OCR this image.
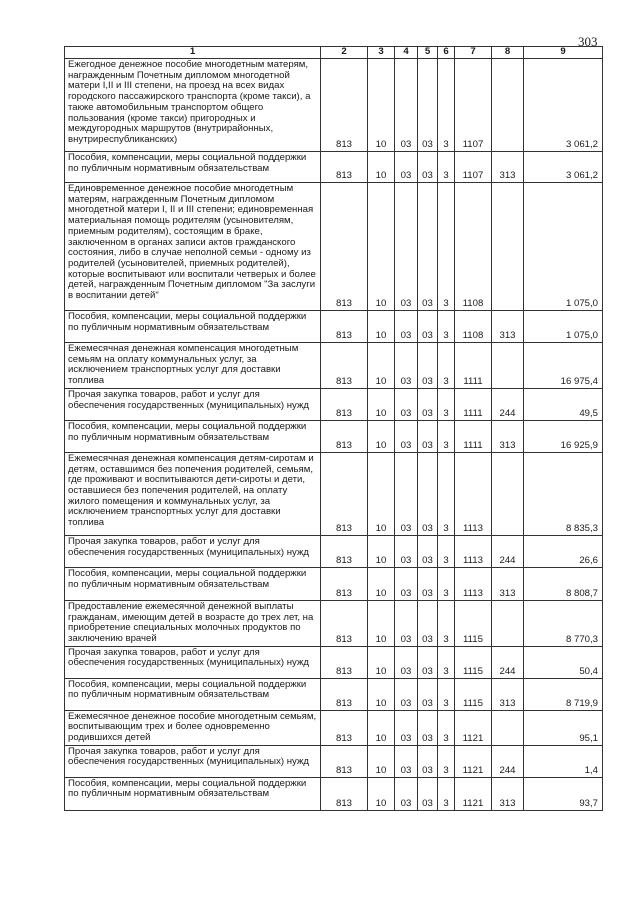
303
1	2	3	4	5	6	7	8	9
Ежегодное денежное пособие многодетным матерям, награжденным Почетным дипломом многодетной матери I,II и III степени, на проезд на всех видах городского пассажирского транспорта (кроме такси), а также автомобильным транспортом общего пользования (кроме такси) пригородных и междугородных маршрутов (внутрирайонных, внутриреспубликанских)	813	10	03	03	3	1107		3 061,2
Пособия, компенсации, меры социальной поддержки по публичным нормативным обязательствам	813	10	03	03	3	1107	313	3 061,2
Единовременное денежное пособие многодетным матерям, награжденным Почетным дипломом многодетной матери I, II и III степени; единовременная материальная помощь родителям (усыновителям, приемным родителям), состоящим в браке, заключенном в органах записи актов гражданского состояния, либо в случае неполной семьи - одному из родителей (усыновителей, приемных родителей), которые воспитывают или воспитали четверых и более детей, награжденным Почетным дипломом "За заслуги в воспитании детей"	813	10	03	03	3	1108		1 075,0
Пособия, компенсации, меры социальной поддержки по публичным нормативным обязательствам	813	10	03	03	3	1108	313	1 075,0
Ежемесячная денежная компенсация многодетным семьям на оплату коммунальных услуг, за исключением транспортных услуг для доставки топлива	813	10	03	03	3	1111		16 975,4
Прочая закупка товаров, работ и услуг для обеспечения государственных (муниципальных) нужд	813	10	03	03	3	1111	244	49,5
Пособия, компенсации, меры социальной поддержки по публичным нормативным обязательствам	813	10	03	03	3	1111	313	16 925,9
Ежемесячная денежная компенсация детям-сиротам и детям, оставшимся без попечения родителей, семьям, где проживают и воспитываются дети-сироты и дети, оставшиеся без попечения родителей, на оплату жилого помещения и коммунальных услуг, за исключением транспортных услуг для доставки топлива	813	10	03	03	3	1113		8 835,3
Прочая закупка товаров, работ и услуг для обеспечения государственных (муниципальных) нужд	813	10	03	03	3	1113	244	26,6
Пособия, компенсации, меры социальной поддержки по публичным нормативным обязательствам	813	10	03	03	3	1113	313	8 808,7
Предоставление ежемесячной денежной выплаты гражданам, имеющим детей в возрасте до трех лет, на приобретение специальных молочных продуктов по заключению врачей	813	10	03	03	3	1115		8 770,3
Прочая закупка товаров, работ и услуг для обеспечения государственных (муниципальных) нужд	813	10	03	03	3	1115	244	50,4
Пособия, компенсации, меры социальной поддержки по публичным нормативным обязательствам	813	10	03	03	3	1115	313	8 719,9
Ежемесячное денежное пособие многодетным семьям, воспитывающим трех и более одновременно родившихся детей	813	10	03	03	3	1121		95,1
Прочая закупка товаров, работ и услуг для обеспечения государственных (муниципальных) нужд	813	10	03	03	3	1121	244	1,4
Пособия, компенсации, меры социальной поддержки по публичным нормативным обязательствам	813	10	03	03	3	1121	313	93,7
